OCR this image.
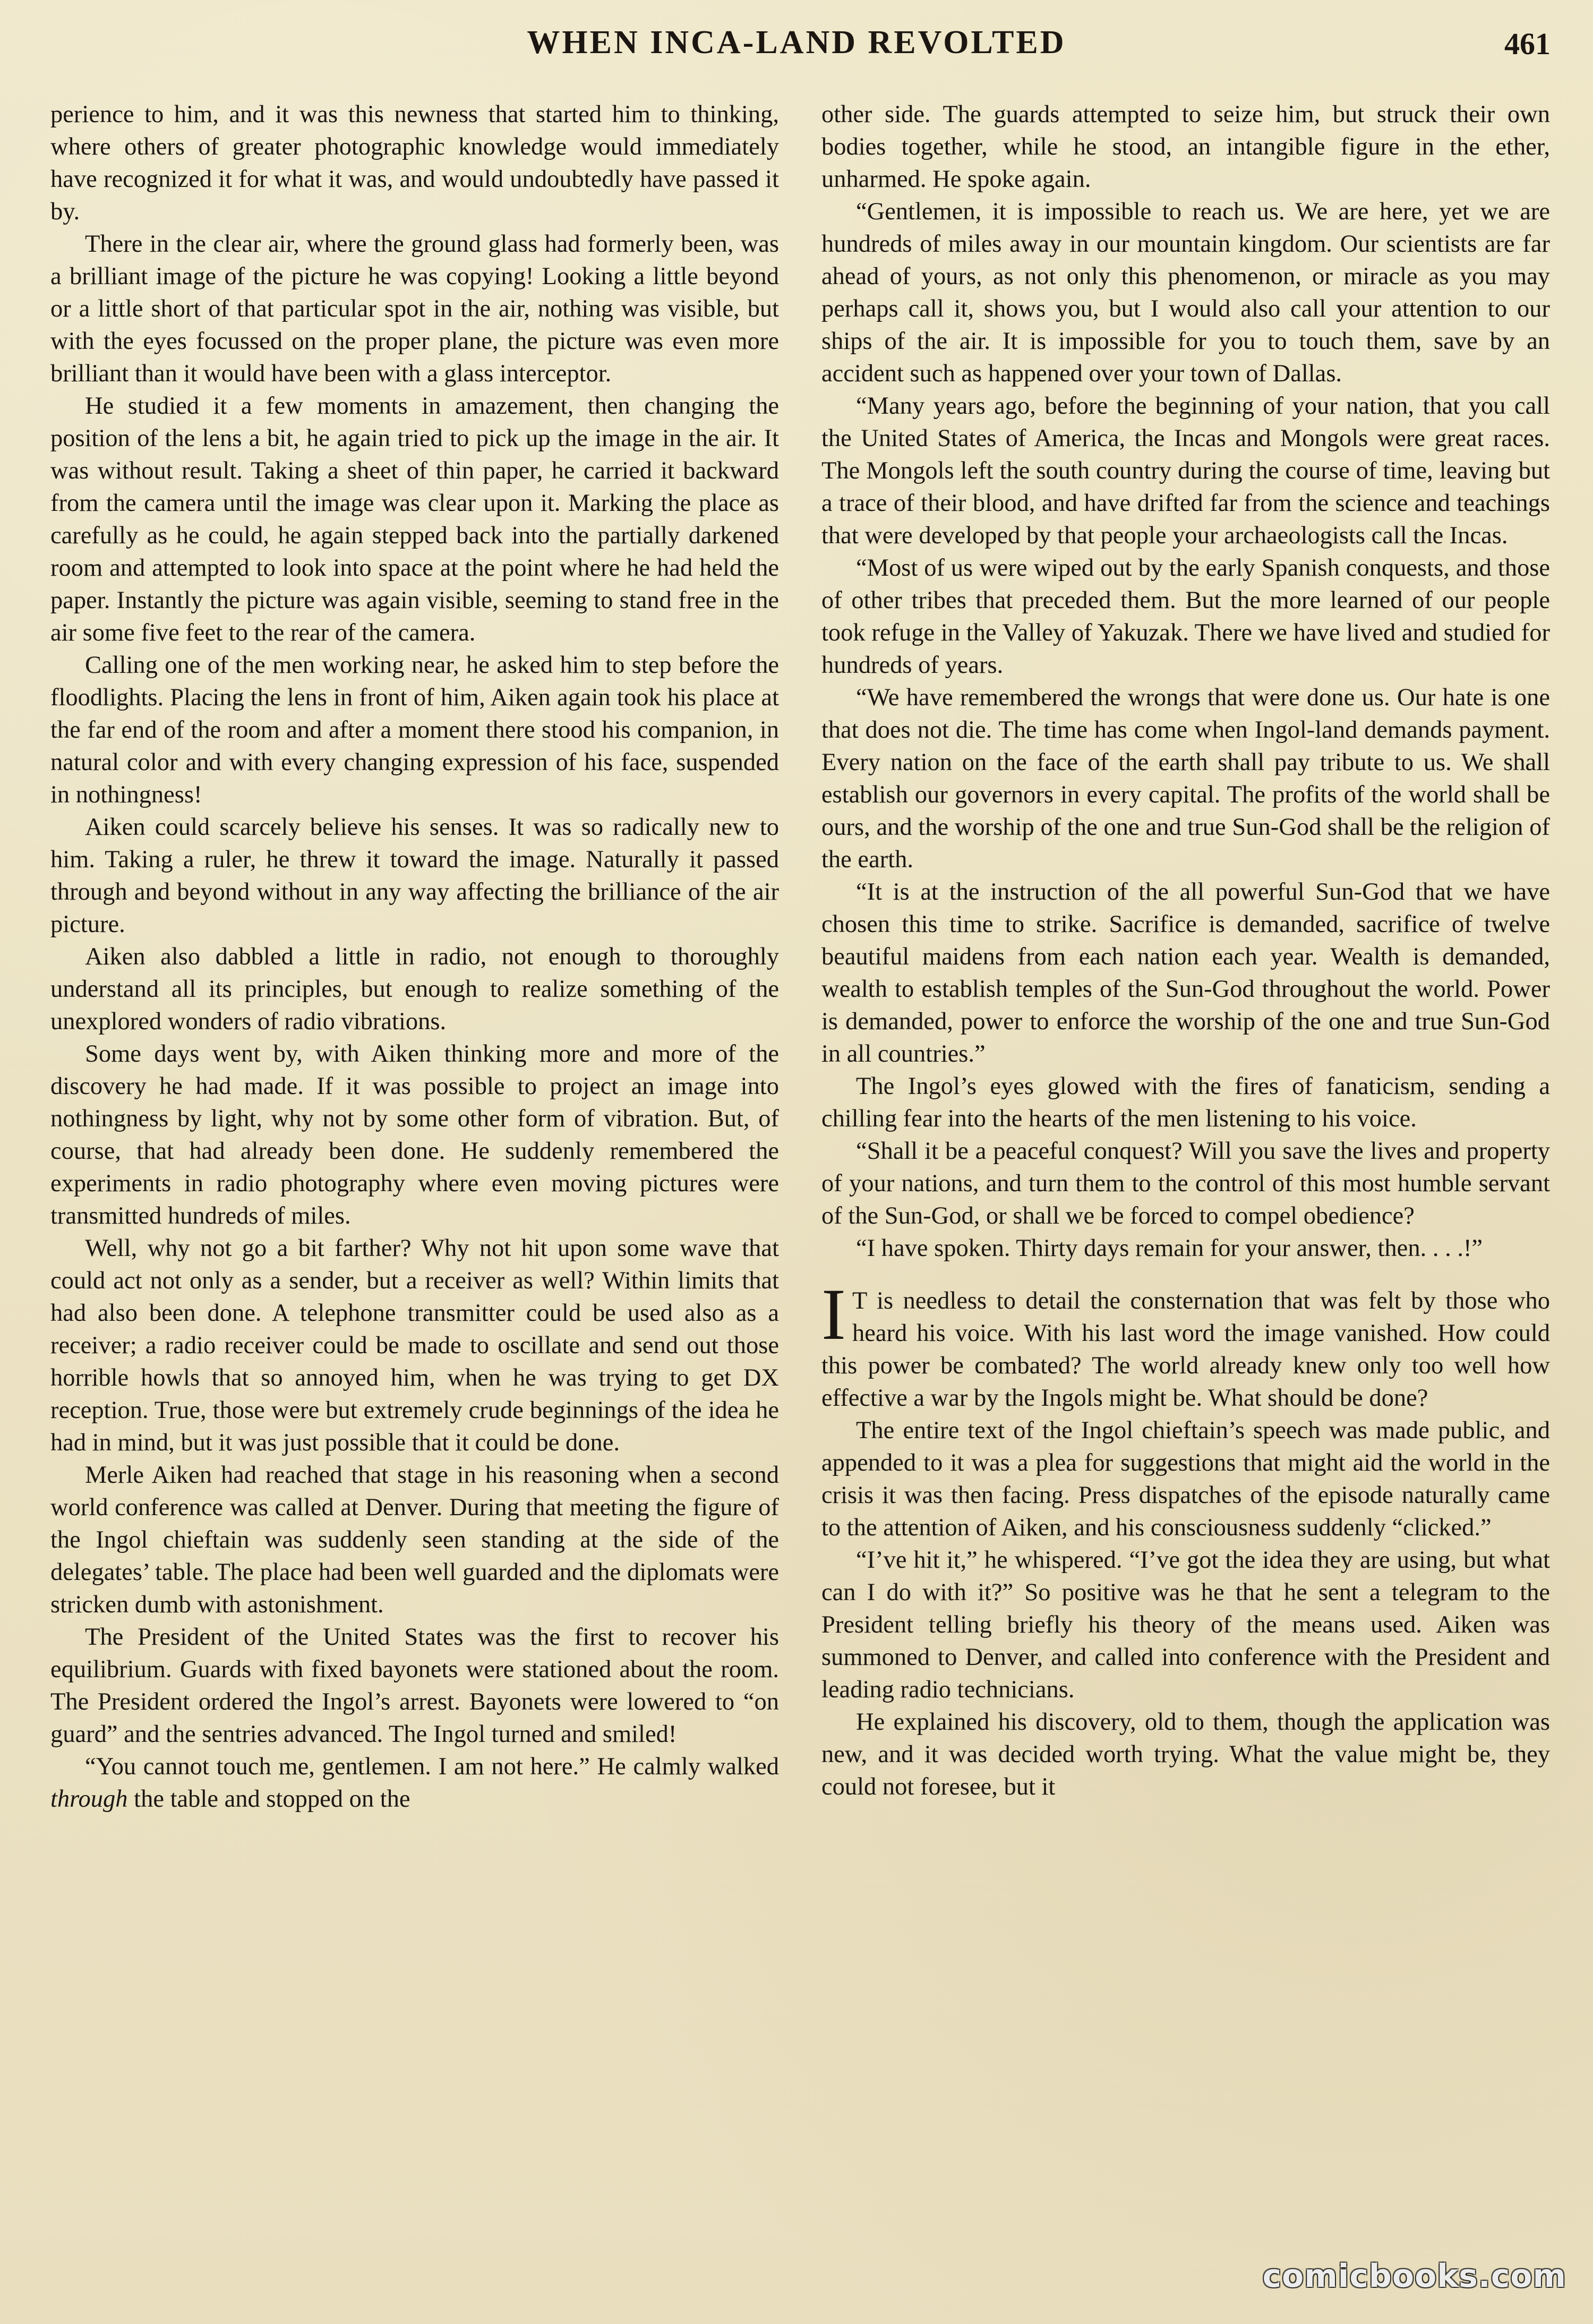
WHEN INCA-LAND REVOLTED	461

perience to him, and it was this newness that started him to thinking, where others of greater photographic knowledge would immediately have recognized it for what it was, and would undoubtedly have passed it by.

There in the clear air, where the ground glass had formerly been, was a brilliant image of the picture he was copying! Looking a little beyond or a little short of that particular spot in the air, nothing was visible, but with the eyes focussed on the proper plane, the picture was even more brilliant than it would have been with a glass interceptor.

He studied it a few moments in amazement, then changing the position of the lens a bit, he again tried to pick up the image in the air. It was without result. Taking a sheet of thin paper, he carried it backward from the camera until the image was clear upon it. Marking the place as carefully as he could, he again stepped back into the partially darkened room and attempted to look into space at the point where he had held the paper. Instantly the picture was again visible, seeming to stand free in the air some five feet to the rear of the camera.

Calling one of the men working near, he asked him to step before the floodlights. Placing the lens in front of him, Aiken again took his place at the far end of the room and after a moment there stood his companion, in natural color and with every changing expression of his face, suspended in nothingness!

Aiken could scarcely believe his senses. It was so radically new to him. Taking a ruler, he threw it toward the image. Naturally it passed through and beyond without in any way affecting the brilliance of the air picture.

Aiken also dabbled a little in radio, not enough to thoroughly understand all its principles, but enough to realize something of the unexplored wonders of radio vibrations.

Some days went by, with Aiken thinking more and more of the discovery he had made. If it was possible to project an image into nothingness by light, why not by some other form of vibration. But, of course, that had already been done. He suddenly remembered the experiments in radio photography where even moving pictures were transmitted hundreds of miles.

Well, why not go a bit farther? Why not hit upon some wave that could act not only as a sender, but a receiver as well? Within limits that had also been done. A telephone transmitter could be used also as a receiver; a radio receiver could be made to oscillate and send out those horrible howls that so annoyed him, when he was trying to get DX reception. True, those were but extremely crude beginnings of the idea he had in mind, but it was just possible that it could be done.

Merle Aiken had reached that stage in his reasoning when a second world conference was called at Denver. During that meeting the figure of the Ingol chieftain was suddenly seen standing at the side of the delegates’ table. The place had been well guarded and the diplomats were stricken dumb with astonishment.

The President of the United States was the first to recover his equilibrium. Guards with fixed bayonets were stationed about the room. The President ordered the Ingol’s arrest. Bayonets were lowered to “on guard” and the sentries advanced. The Ingol turned and smiled!

“You cannot touch me, gentlemen. I am not here.” He calmly walked through the table and stopped on the

other side. The guards attempted to seize him, but struck their own bodies together, while he stood, an intangible figure in the ether, unharmed. He spoke again.

“Gentlemen, it is impossible to reach us. We are here, yet we are hundreds of miles away in our mountain kingdom. Our scientists are far ahead of yours, as not only this phenomenon, or miracle as you may perhaps call it, shows you, but I would also call your attention to our ships of the air. It is impossible for you to touch them, save by an accident such as happened over your town of Dallas.

“Many years ago, before the beginning of your nation, that you call the United States of America, the Incas and Mongols were great races. The Mongols left the south country during the course of time, leaving but a trace of their blood, and have drifted far from the science and teachings that were developed by that people your archaeologists call the Incas.

“Most of us were wiped out by the early Spanish conquests, and those of other tribes that preceded them. But the more learned of our people took refuge in the Valley of Yakuzak. There we have lived and studied for hundreds of years.

“We have remembered the wrongs that were done us. Our hate is one that does not die. The time has come when Ingol-land demands payment. Every nation on the face of the earth shall pay tribute to us. We shall establish our governors in every capital. The profits of the world shall be ours, and the worship of the one and true Sun-God shall be the religion of the earth.

“It is at the instruction of the all powerful Sun-God that we have chosen this time to strike. Sacrifice is demanded, sacrifice of twelve beautiful maidens from each nation each year. Wealth is demanded, wealth to establish temples of the Sun-God throughout the world. Power is demanded, power to enforce the worship of the one and true Sun-God in all countries.”

The Ingol’s eyes glowed with the fires of fanaticism, sending a chilling fear into the hearts of the men listening to his voice.

“Shall it be a peaceful conquest? Will you save the lives and property of your nations, and turn them to the control of this most humble servant of the Sun-God, or shall we be forced to compel obedience?

“I have spoken. Thirty days remain for your answer, then. . . .!”

I T is needless to detail the consternation that was felt by those who heard his voice. With his last word the image vanished. How could this power be combated? The world already knew only too well how effective a war by the Ingols might be. What should be done?

The entire text of the Ingol chieftain’s speech was made public, and appended to it was a plea for suggestions that might aid the world in the crisis it was then facing. Press dispatches of the episode naturally came to the attention of Aiken, and his consciousness suddenly “clicked.”

“I’ve hit it,” he whispered. “I’ve got the idea they are using, but what can I do with it?” So positive was he that he sent a telegram to the President telling briefly his theory of the means used. Aiken was summoned to Denver, and called into conference with the President and leading radio technicians.

He explained his discovery, old to them, though the application was new, and it was decided worth trying. What the value might be, they could not foresee, but it

comicbooks.com
